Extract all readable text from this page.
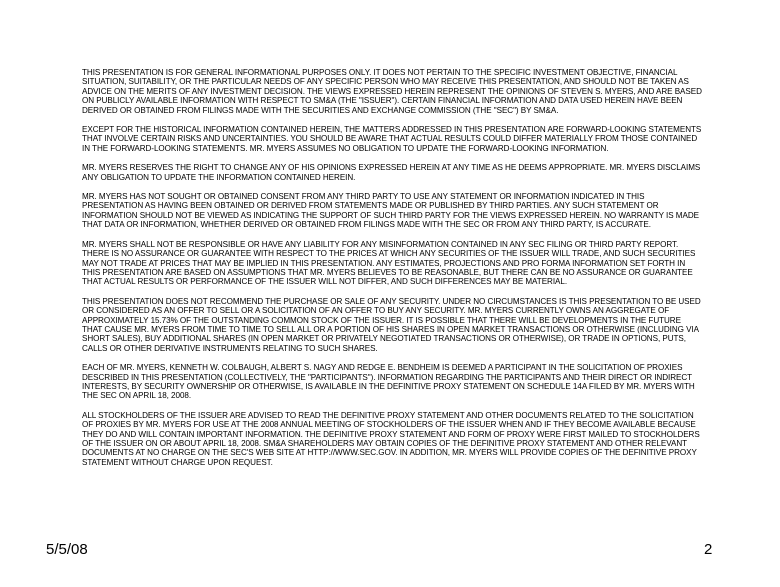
THIS PRESENTATION IS FOR GENERAL INFORMATIONAL PURPOSES ONLY. IT DOES NOT PERTAIN TO THE SPECIFIC INVESTMENT OBJECTIVE, FINANCIAL SITUATION, SUITABILITY, OR THE PARTICULAR NEEDS OF ANY SPECIFIC PERSON WHO MAY RECEIVE THIS PRESENTATION, AND SHOULD NOT BE TAKEN AS ADVICE ON THE MERITS OF ANY INVESTMENT DECISION. THE VIEWS EXPRESSED HEREIN REPRESENT THE OPINIONS OF STEVEN S. MYERS, AND ARE BASED ON PUBLICLY AVAILABLE INFORMATION WITH RESPECT TO SM&A (THE "ISSUER"). CERTAIN FINANCIAL INFORMATION AND DATA USED HEREIN HAVE BEEN DERIVED OR OBTAINED FROM FILINGS MADE WITH THE SECURITIES AND EXCHANGE COMMISSION (THE "SEC") BY SM&A.

EXCEPT FOR THE HISTORICAL INFORMATION CONTAINED HEREIN, THE MATTERS ADDRESSED IN THIS PRESENTATION ARE FORWARD-LOOKING STATEMENTS THAT INVOLVE CERTAIN RISKS AND UNCERTAINTIES. YOU SHOULD BE AWARE THAT ACTUAL RESULTS COULD DIFFER MATERIALLY FROM THOSE CONTAINED IN THE FORWARD-LOOKING STATEMENTS. MR. MYERS ASSUMES NO OBLIGATION TO UPDATE THE FORWARD-LOOKING INFORMATION.

MR. MYERS RESERVES THE RIGHT TO CHANGE ANY OF HIS OPINIONS EXPRESSED HEREIN AT ANY TIME AS HE DEEMS APPROPRIATE. MR. MYERS DISCLAIMS ANY OBLIGATION TO UPDATE THE INFORMATION CONTAINED HEREIN.

MR. MYERS HAS NOT SOUGHT OR OBTAINED CONSENT FROM ANY THIRD PARTY TO USE ANY STATEMENT OR INFORMATION INDICATED IN THIS PRESENTATION AS HAVING BEEN OBTAINED OR DERIVED FROM STATEMENTS MADE OR PUBLISHED BY THIRD PARTIES. ANY SUCH STATEMENT OR INFORMATION SHOULD NOT BE VIEWED AS INDICATING THE SUPPORT OF SUCH THIRD PARTY FOR THE VIEWS EXPRESSED HEREIN. NO WARRANTY IS MADE THAT DATA OR INFORMATION, WHETHER DERIVED OR OBTAINED FROM FILINGS MADE WITH THE SEC OR FROM ANY THIRD PARTY, IS ACCURATE.

MR. MYERS SHALL NOT BE RESPONSIBLE OR HAVE ANY LIABILITY FOR ANY MISINFORMATION CONTAINED IN ANY SEC FILING OR THIRD PARTY REPORT. THERE IS NO ASSURANCE OR GUARANTEE WITH RESPECT TO THE PRICES AT WHICH ANY SECURITIES OF THE ISSUER WILL TRADE, AND SUCH SECURITIES MAY NOT TRADE AT PRICES THAT MAY BE IMPLIED IN THIS PRESENTATION. ANY ESTIMATES, PROJECTIONS AND PRO FORMA INFORMATION SET FORTH IN THIS PRESENTATION ARE BASED ON ASSUMPTIONS THAT MR. MYERS BELIEVES TO BE REASONABLE, BUT THERE CAN BE NO ASSURANCE OR GUARANTEE THAT ACTUAL RESULTS OR PERFORMANCE OF THE ISSUER WILL NOT DIFFER, AND SUCH DIFFERENCES MAY BE MATERIAL.

THIS PRESENTATION DOES NOT RECOMMEND THE PURCHASE OR SALE OF ANY SECURITY. UNDER NO CIRCUMSTANCES IS THIS PRESENTATION TO BE USED OR CONSIDERED AS AN OFFER TO SELL OR A SOLICITATION OF AN OFFER TO BUY ANY SECURITY. MR. MYERS CURRENTLY OWNS AN AGGREGATE OF APPROXIMATELY 15.73% OF THE OUTSTANDING COMMON STOCK OF THE ISSUER. IT IS POSSIBLE THAT THERE WILL BE DEVELOPMENTS IN THE FUTURE THAT CAUSE MR. MYERS FROM TIME TO TIME TO SELL ALL OR A PORTION OF HIS SHARES IN OPEN MARKET TRANSACTIONS OR OTHERWISE (INCLUDING VIA SHORT SALES), BUY ADDITIONAL SHARES (IN OPEN MARKET OR PRIVATELY NEGOTIATED TRANSACTIONS OR OTHERWISE), OR TRADE IN OPTIONS, PUTS, CALLS OR OTHER DERIVATIVE INSTRUMENTS RELATING TO SUCH SHARES.

EACH OF MR. MYERS, KENNETH W. COLBAUGH, ALBERT S. NAGY AND REDGE E. BENDHEIM IS DEEMED A PARTICIPANT IN THE SOLICITATION OF PROXIES DESCRIBED IN THIS PRESENTATION (COLLECTIVELY, THE "PARTICIPANTS"). INFORMATION REGARDING THE PARTICIPANTS AND THEIR DIRECT OR INDIRECT INTERESTS, BY SECURITY OWNERSHIP OR OTHERWISE, IS AVAILABLE IN THE DEFINITIVE PROXY STATEMENT ON SCHEDULE 14A FILED BY MR. MYERS WITH THE SEC ON APRIL 18, 2008.

ALL STOCKHOLDERS OF THE ISSUER ARE ADVISED TO READ THE DEFINITIVE PROXY STATEMENT AND OTHER DOCUMENTS RELATED TO THE SOLICITATION OF PROXIES BY MR. MYERS FOR USE AT THE 2008 ANNUAL MEETING OF STOCKHOLDERS OF THE ISSUER WHEN AND IF THEY BECOME AVAILABLE BECAUSE THEY DO AND WILL CONTAIN IMPORTANT INFORMATION. THE DEFINITIVE PROXY STATEMENT AND FORM OF PROXY WERE FIRST MAILED TO STOCKHOLDERS OF THE ISSUER ON OR ABOUT APRIL 18, 2008. SM&A SHAREHOLDERS MAY OBTAIN COPIES OF THE DEFINITIVE PROXY STATEMENT AND OTHER RELEVANT DOCUMENTS AT NO CHARGE ON THE SEC'S WEB SITE AT HTTP://WWW.SEC.GOV. IN ADDITION, MR. MYERS WILL PROVIDE COPIES OF THE DEFINITIVE PROXY STATEMENT WITHOUT CHARGE UPON REQUEST.

5/5/08	2
